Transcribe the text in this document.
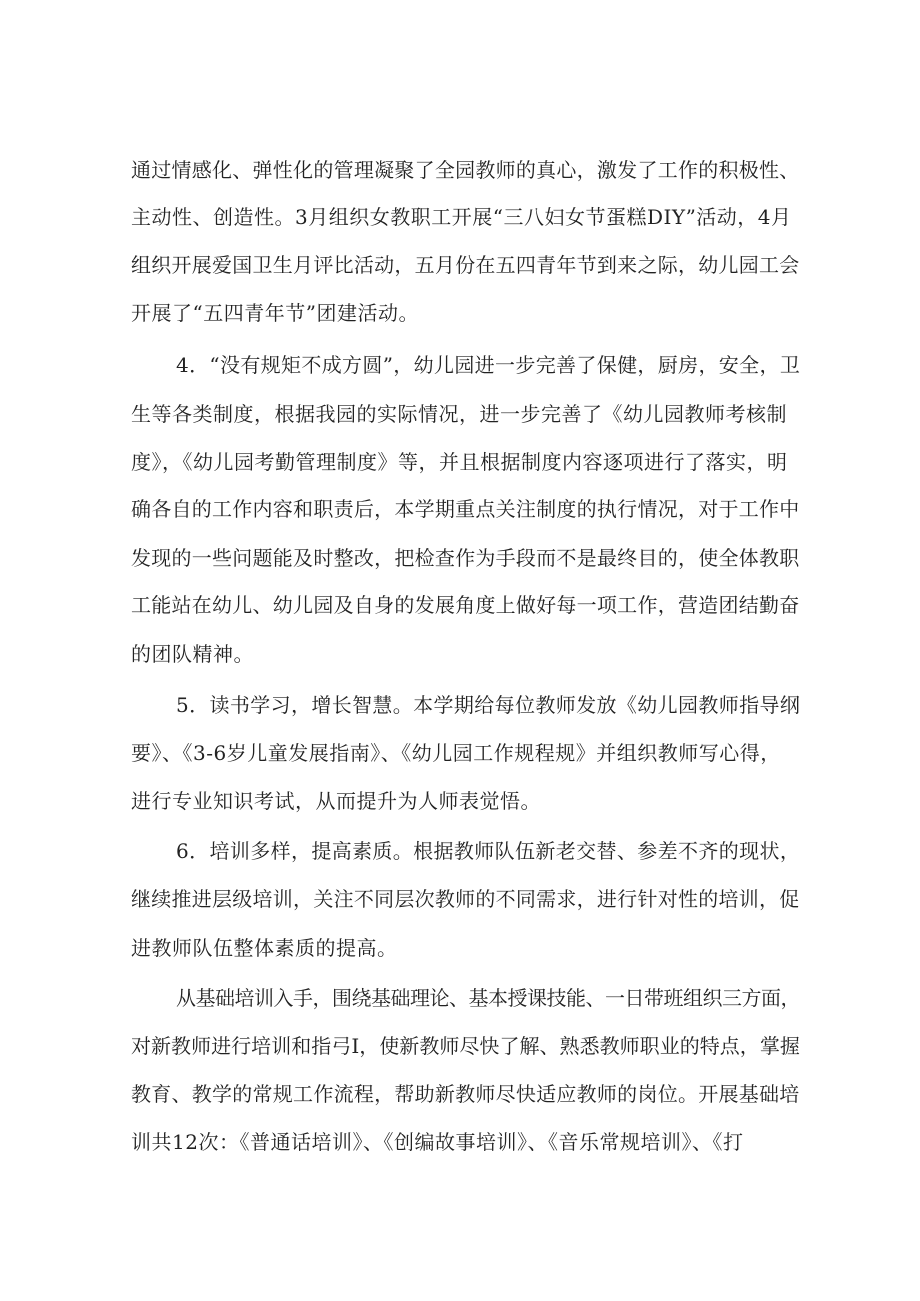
通过情感化、弹性化的管理凝聚了全园教师的真心，激发了工作的积极性、
主动性、创造性。3月组织女教职工开展“三八妇女节蛋糕DIY”活动，4月
组织开展爱国卫生月评比活动，五月份在五四青年节到来之际，幼儿园工会
开展了“五四青年节”团建活动。
4．“没有规矩不成方圆”，幼儿园进一步完善了保健，厨房，安全，卫
生等各类制度，根据我园的实际情况，进一步完善了《幼儿园教师考核制
度》，《幼儿园考勤管理制度》等，并且根据制度内容逐项进行了落实，明
确各自的工作内容和职责后，本学期重点关注制度的执行情况，对于工作中
发现的一些问题能及时整改，把检查作为手段而不是最终目的，使全体教职
工能站在幼儿、幼儿园及自身的发展角度上做好每一项工作，营造团结勤奋
的团队精神。
5．读书学习，增长智慧。本学期给每位教师发放《幼儿园教师指导纲
要》、《3-6岁儿童发展指南》、《幼儿园工作规程规》并组织教师写心得，
进行专业知识考试，从而提升为人师表觉悟。
6．培训多样，提高素质。根据教师队伍新老交替、参差不齐的现状，
继续推进层级培训，关注不同层次教师的不同需求，进行针对性的培训，促
进教师队伍整体素质的提高。
从基础培训入手，围绕基础理论、基本授课技能、一日带班组织三方面，
对新教师进行培训和指弓I，使新教师尽快了解、熟悉教师职业的特点，掌握
教育、教学的常规工作流程，帮助新教师尽快适应教师的岗位。开展基础培
训共12次：《普通话培训》、《创编故事培训》、《音乐常规培训》、《打
